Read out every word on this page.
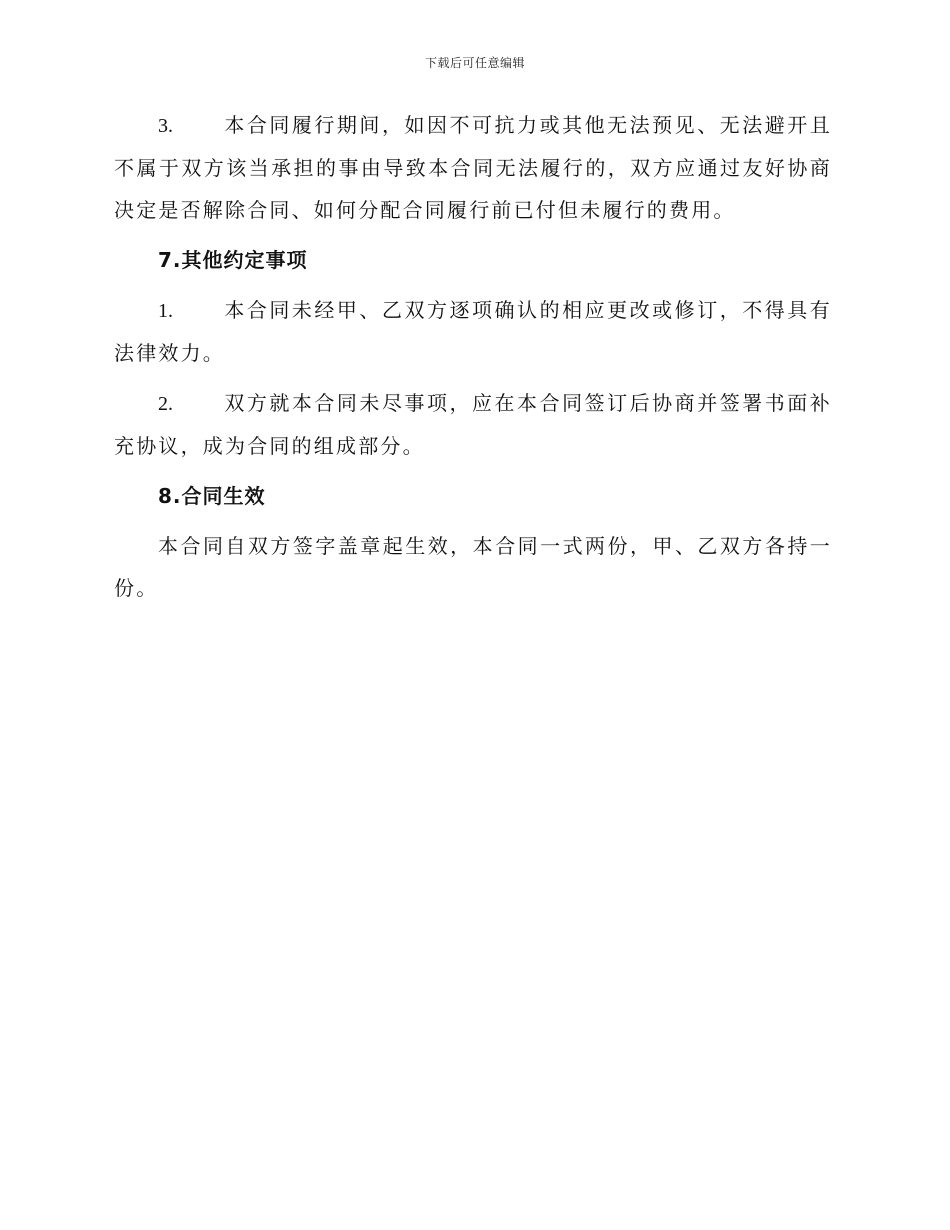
下载后可任意编辑

3.	本合同履行期间，如因不可抗力或其他无法预见、无法避开且不属于双方该当承担的事由导致本合同无法履行的，双方应通过友好协商决定是否解除合同、如何分配合同履行前已付但未履行的费用。

7.其他约定事项

1.	本合同未经甲、乙双方逐项确认的相应更改或修订，不得具有法律效力。

2.	双方就本合同未尽事项，应在本合同签订后协商并签署书面补充协议，成为合同的组成部分。

8.合同生效

本合同自双方签字盖章起生效，本合同一式两份，甲、乙双方各持一份。
